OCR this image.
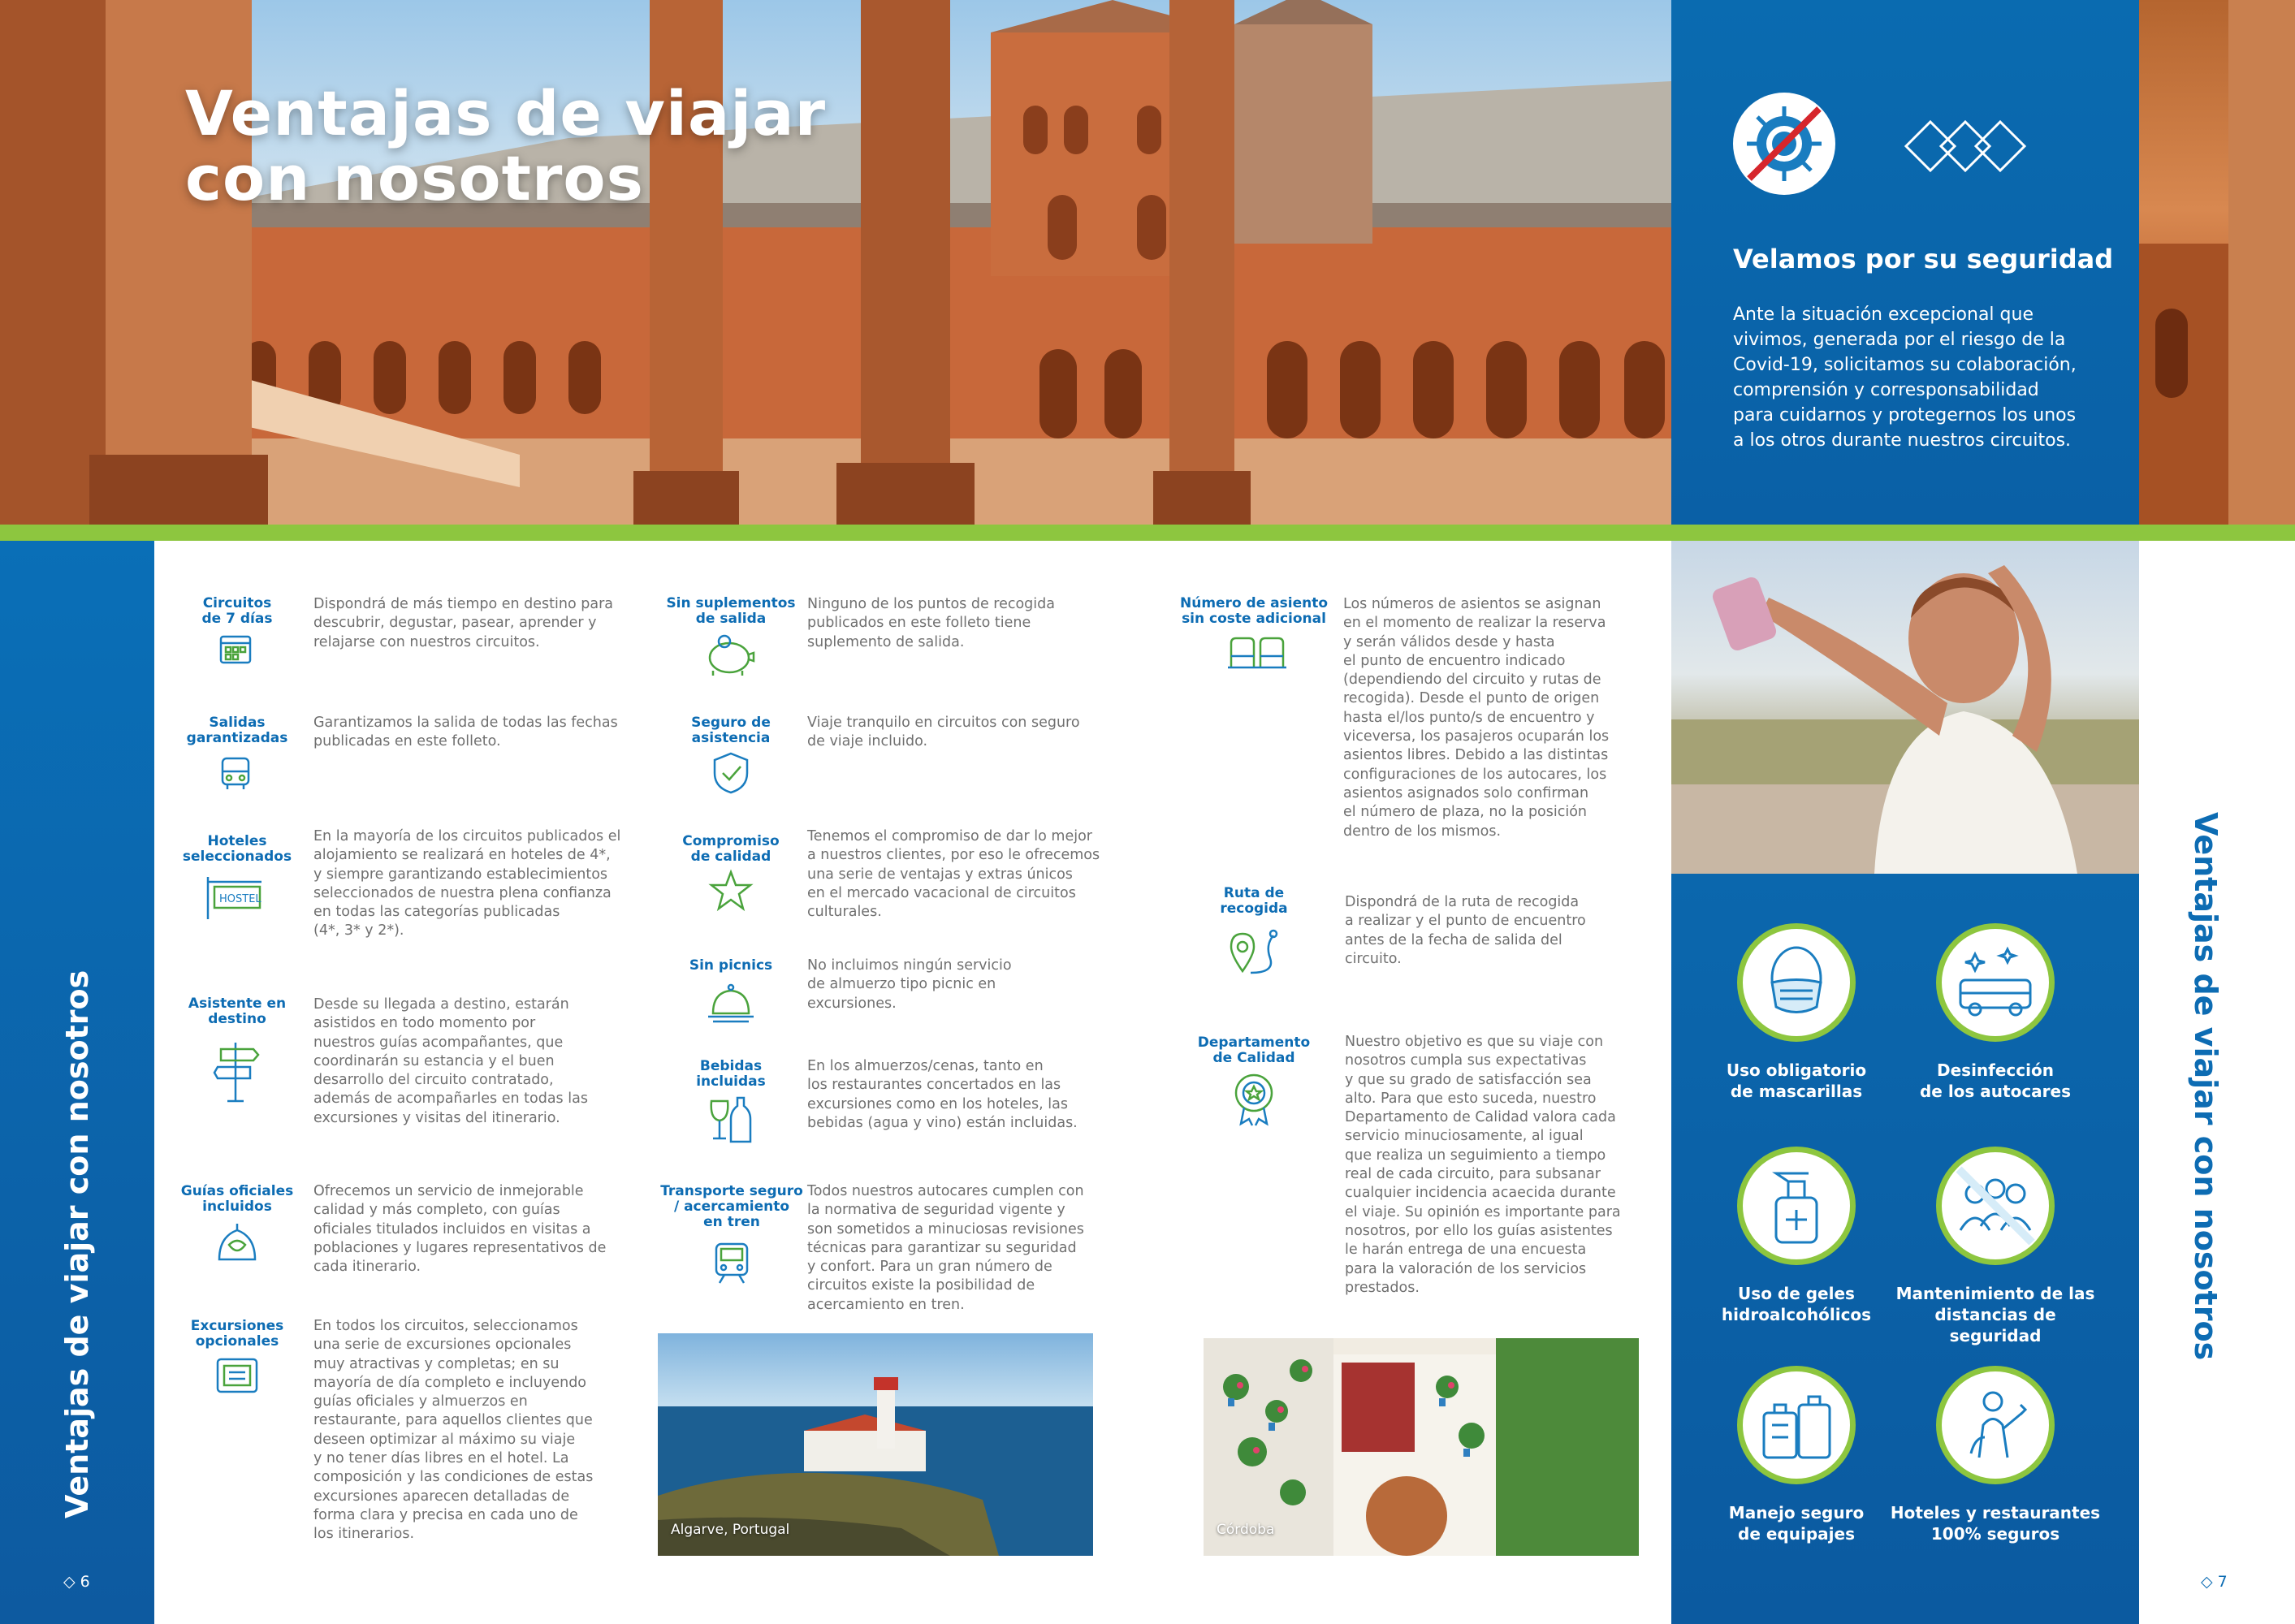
Ventajas de viajar
con nosotros
Ventajas de viajar con nosotros
◇ 6
Ventajas de viajar con nosotros
◇ 7
Velamos por su seguridad
Ante la situación excepcional que vivimos, generada por el riesgo de la Covid-19, solicitamos su colaboración, comprensión y corresponsabilidad para cuidarnos y protegernos los unos a los otros durante nuestros circuitos.
Uso obligatorio
de mascarillas
Desinfección
de los autocares
Uso de geles
hidroalcohólicos
Mantenimiento de las
distancias de seguridad
Manejo seguro
de equipajes
Hoteles y restaurantes
100% seguros
Circuitos
de 7 días
Dispondrá de más tiempo en destino para
descubrir, degustar, pasear, aprender y
relajarse con nuestros circuitos.
Salidas
garantizadas
Garantizamos la salida de todas las fechas
publicadas en este folleto.
Hoteles
seleccionados
HOSTEL
En la mayoría de los circuitos publicados el
alojamiento se realizará en hoteles de 4*,
y siempre garantizando establecimientos
seleccionados de nuestra plena confianza
en todas las categorías publicadas
(4*, 3* y 2*).
Asistente en
destino
Desde su llegada a destino, estarán
asistidos en todo momento por
nuestros guías acompañantes, que
coordinarán su estancia y el buen
desarrollo del circuito contratado,
además de acompañarles en todas las
excursiones y visitas del itinerario.
Guías oficiales
incluidos
Ofrecemos un servicio de inmejorable
calidad y más completo, con guías
oficiales titulados incluidos en visitas a
poblaciones y lugares representativos de
cada itinerario.
Excursiones
opcionales
En todos los circuitos, seleccionamos
una serie de excursiones opcionales
muy atractivas y completas; en su
mayoría de día completo e incluyendo
guías oficiales y almuerzos en
restaurante, para aquellos clientes que
deseen optimizar al máximo su viaje
y no tener días libres en el hotel. La
composición y las condiciones de estas
excursiones aparecen detalladas de
forma clara y precisa en cada uno de
los itinerarios.
Sin suplementos
de salida
Ninguno de los puntos de recogida
publicados en este folleto tiene
suplemento de salida.
Seguro de
asistencia
Viaje tranquilo en circuitos con seguro
de viaje incluido.
Compromiso
de calidad
Tenemos el compromiso de dar lo mejor
a nuestros clientes, por eso le ofrecemos
una serie de ventajas y extras únicos
en el mercado vacacional de circuitos
culturales.
Sin picnics	No incluimos ningún servicio
de almuerzo tipo picnic en
excursiones.
Bebidas
incluidas
En los almuerzos/cenas, tanto en
los restaurantes concertados en las
excursiones como en los hoteles, las
bebidas (agua y vino) están incluidas.
Transporte seguro
/ acercamiento
en tren
Todos nuestros autocares cumplen con
la normativa de seguridad vigente y
son sometidos a minuciosas revisiones
técnicas para garantizar su seguridad
y confort. Para un gran número de
circuitos existe la posibilidad de
acercamiento en tren.
Número de asiento
sin coste adicional
Los números de asientos se asignan
en el momento de realizar la reserva
y serán válidos desde y hasta
el punto de encuentro indicado
(dependiendo del circuito y rutas de
recogida). Desde el punto de origen
hasta el/los punto/s de encuentro y
viceversa, los pasajeros ocuparán los
asientos libres. Debido a las distintas
configuraciones de los autocares, los
asientos asignados solo confirman
el número de plaza, no la posición
dentro de los mismos.
Ruta de
recogida	Dispondrá de la ruta de recogida
a realizar y el punto de encuentro
antes de la fecha de salida del
circuito.
Departamento
de Calidad
Nuestro objetivo es que su viaje con
nosotros cumpla sus expectativas
y que su grado de satisfacción sea
alto. Para que esto suceda, nuestro
Departamento de Calidad valora cada
servicio minuciosamente, al igual
que realiza un seguimiento a tiempo
real de cada circuito, para subsanar
cualquier incidencia acaecida durante
el viaje. Su opinión es importante para
nosotros, por ello los guías asistentes
le harán entrega de una encuesta
para la valoración de los servicios
prestados.
Algarve, Portugal	Córdoba
